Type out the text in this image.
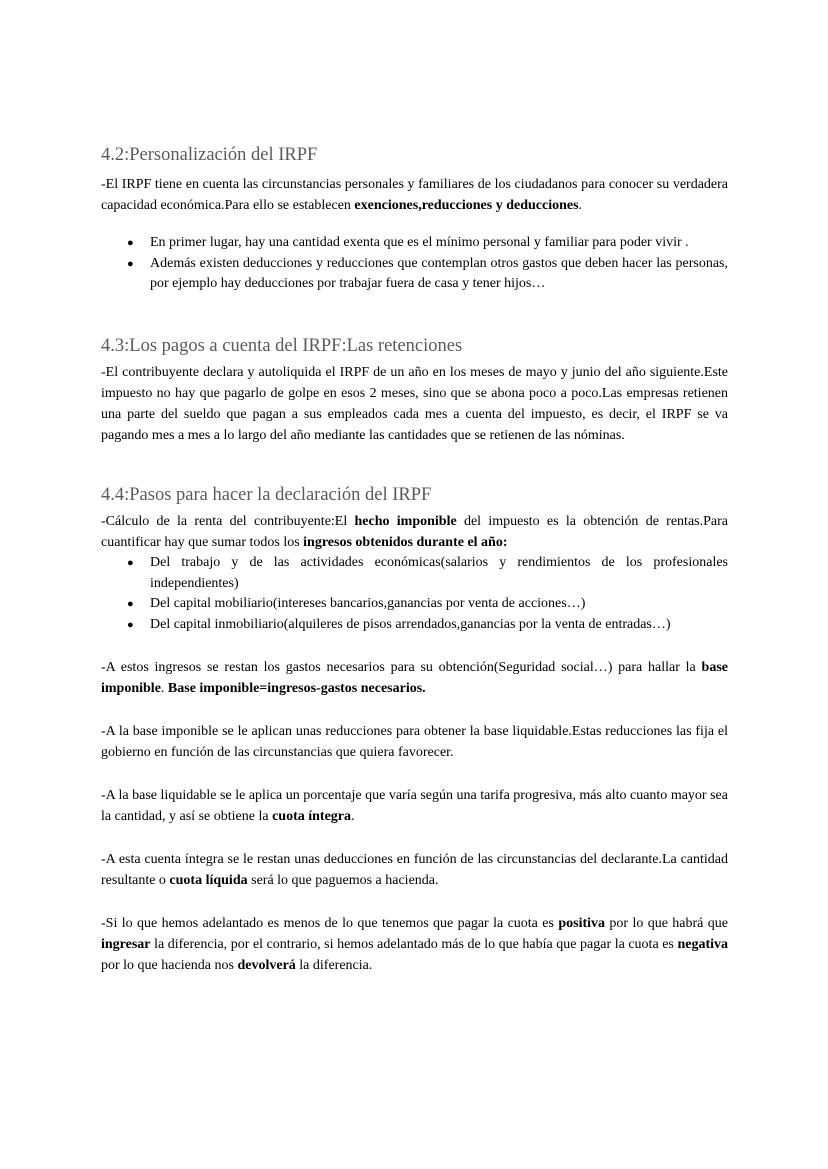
4.2:Personalización del IRPF

-El IRPF tiene en cuenta las circunstancias personales y familiares de los ciudadanos para conocer su verdadera capacidad económica.Para ello se establecen exenciones,reducciones y deducciones.

● En primer lugar, hay una cantidad exenta que es el mínimo personal y familiar para poder vivir .
● Además existen deducciones y reducciones que contemplan otros gastos que deben hacer las personas, por ejemplo hay deducciones por trabajar fuera de casa y tener hijos…
4.3:Los pagos a cuenta del IRPF:Las retenciones

-El contribuyente declara y autoliquida el IRPF de un año en los meses de mayo y junio del año siguiente.Este impuesto no hay que pagarlo de golpe en esos 2 meses, sino que se abona poco a poco.Las empresas retienen una parte del sueldo que pagan a sus empleados cada mes a cuenta del impuesto, es decir, el IRPF se va pagando mes a mes a lo largo del año mediante las cantidades que se retienen de las nóminas.

4.4:Pasos para hacer la declaración del IRPF

-Cálculo de la renta del contribuyente:El hecho imponible del impuesto es la obtención de rentas.Para cuantificar hay que sumar todos los ingresos obtenidos durante el año:

● Del trabajo y de las actividades económicas(salarios y rendimientos de los profesionales independientes)
● Del capital mobiliario(intereses bancarios,ganancias por venta de acciones…)
● Del capital inmobiliario(alquileres de pisos arrendados,ganancias por la venta de entradas…)

-A estos ingresos se restan los gastos necesarios para su obtención(Seguridad social…) para hallar la base imponible. Base imponible=ingresos-gastos necesarios.

-A la base imponible se le aplican unas reducciones para obtener la base liquidable.Estas reducciones las fija el gobierno en función de las circunstancias que quiera favorecer.

-A la base liquidable se le aplica un porcentaje que varía según una tarifa progresiva, más alto cuanto mayor sea la cantidad, y así se obtiene la cuota íntegra.

-A esta cuenta íntegra se le restan unas deducciones en función de las circunstancias del declarante.La cantidad resultante o cuota líquida será lo que paguemos a hacienda.

-Si lo que hemos adelantado es menos de lo que tenemos que pagar la cuota es positiva por lo que habrá que ingresar la diferencia, por el contrario, si hemos adelantado más de lo que había que pagar la cuota es negativa por lo que hacienda nos devolverá la diferencia.
